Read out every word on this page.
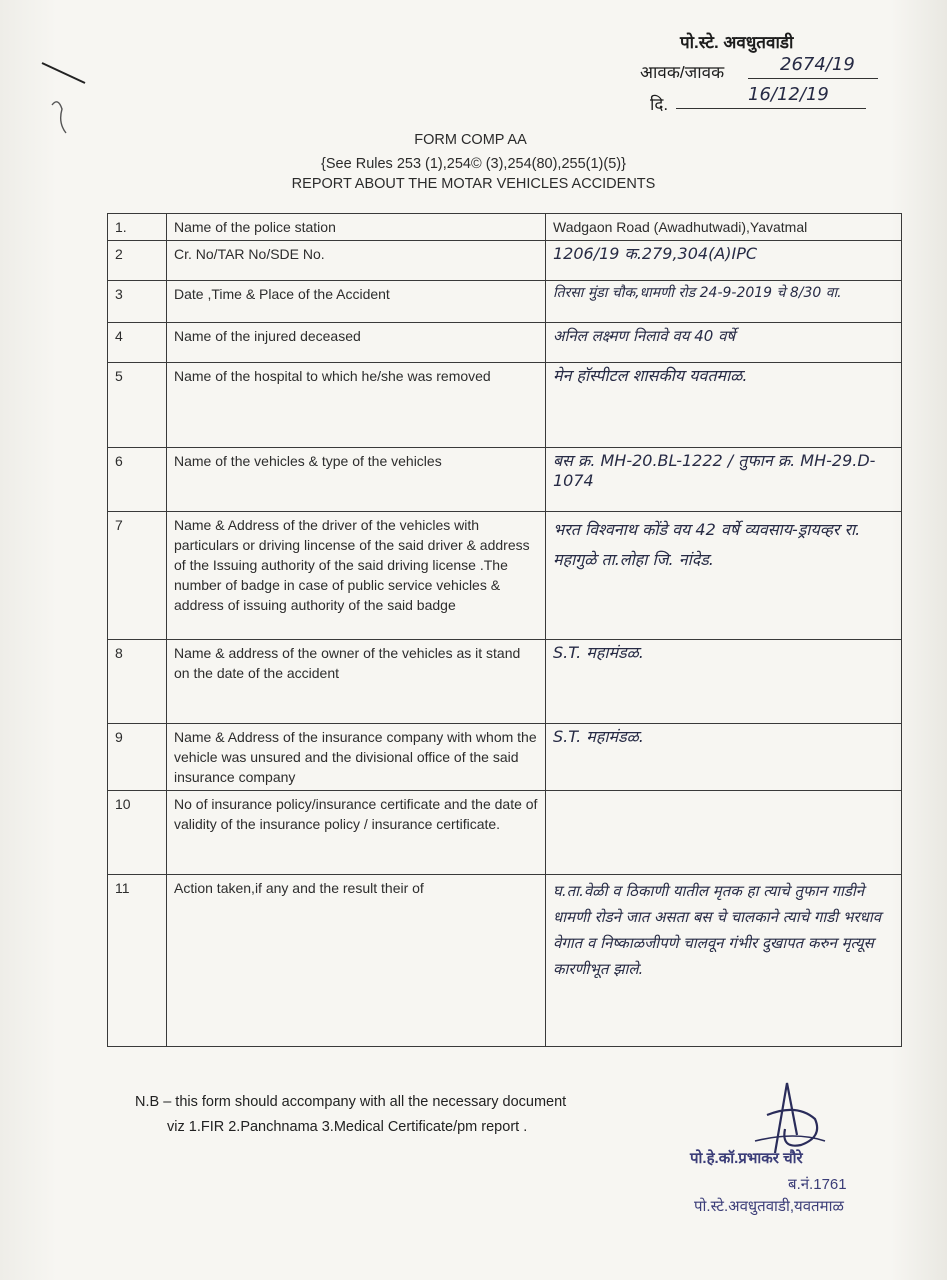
पो.स्टे. अवधुतवाडी
आवक/जावक	2674/19
दि.	16/12/19
FORM COMP AA
{See Rules 253 (1),254© (3),254(80),255(1)(5)}
REPORT ABOUT THE MOTAR VEHICLES ACCIDENTS
1.	Name of the police station	Wadgaon Road (Awadhutwadi),Yavatmal
2	Cr. No/TAR No/SDE No.	1206/19 क.279,304(A)IPC
3	Date ,Time & Place of the Accident	तिरसा मुंडा चौक,धामणी रोड 24-9-2019 चे 8/30 वा.
4	Name of the injured deceased	अनिल लक्ष्मण निलावे वय 40 वर्षे
5	Name of the hospital to which he/she was removed	मेन हॉस्पीटल शासकीय यवतमाळ.
6	Name of the vehicles & type of the vehicles	बस क्र. MH-20.BL-1222 / तुफान क्र. MH-29.D-1074
7	Name & Address of the driver of the vehicles with particulars or driving lincense of the said driver & address of the Issuing authority of the said driving license .The number of badge in case of public service vehicles & address of issuing authority of the said badge	भरत विश्वनाथ कोंडे वय 42 वर्षे व्यवसाय-ड्रायव्हर रा. महागुळे ता.लोहा जि. नांदेड.
8	Name & address of the owner of the vehicles as it stand on the date of the accident	S.T. महामंडळ.
9	Name & Address of the insurance company with whom the vehicle was unsured and the divisional office of the said insurance company	S.T. महामंडळ.
10	No of insurance policy/insurance certificate and the date of validity of the insurance policy / insurance certificate.	
11	Action taken,if any and the result their of	घ.ता.वेळी व ठिकाणी यातील मृतक हा त्याचे तुफान गाडीने धामणी रोडने जात असता बस चे चालकाने त्याचे गाडी भरधाव वेगात व निष्काळजीपणे चालवून गंभीर दुखापत करुन मृत्यूस कारणीभूत झाले.
N.B – this form should accompany with all the necessary document
viz 1.FIR 2.Panchnama 3.Medical Certificate/pm report .
पो.हे.कॉ.प्रभाकर चौरे
ब.नं.1761
पो.स्टे.अवधुतवाडी,यवतमाळ
